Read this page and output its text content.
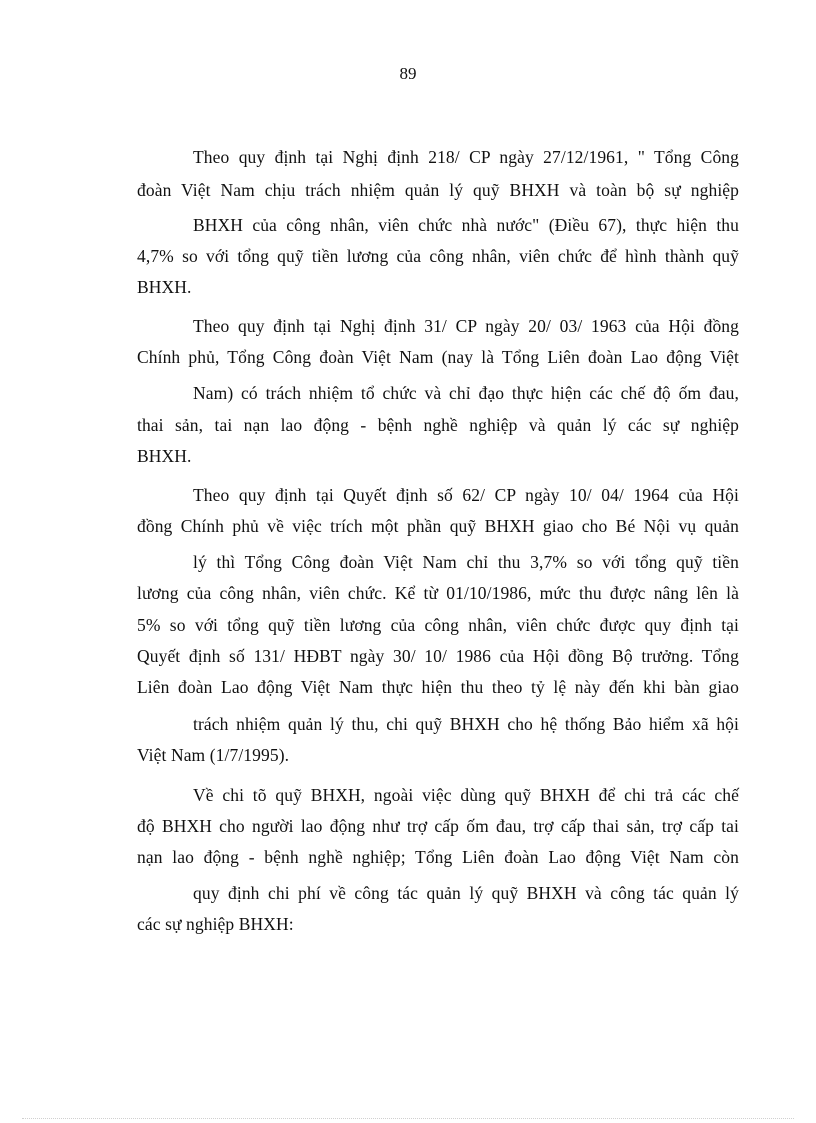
89
Theo quy định tại Nghị định 218/ CP ngày 27/12/1961, " Tổng Công
đoàn Việt Nam chịu trách nhiệm quản lý quỹ BHXH và toàn bộ sự nghiệp
BHXH của công nhân, viên chức nhà nước" (Điều 67), thực hiện thu
4,7% so với tổng quỹ tiền lương của công nhân, viên chức để hình thành quỹ
BHXH.
Theo quy định tại Nghị định 31/ CP ngày 20/ 03/ 1963 của Hội đồng
Chính phủ, Tổng Công đoàn Việt Nam (nay là Tổng Liên đoàn Lao động Việt
Nam) có trách nhiệm tổ chức và chỉ đạo thực hiện các chế độ ốm đau,
thai sản, tai nạn lao động - bệnh nghề nghiệp và quản lý các sự nghiệp
BHXH.
Theo quy định tại Quyết định số 62/ CP ngày 10/ 04/ 1964 của Hội
đồng Chính phủ về việc trích một phần quỹ BHXH giao cho Bé Nội vụ quản
lý thì Tổng Công đoàn Việt Nam chỉ thu 3,7% so với tổng quỹ tiền
lương của công nhân, viên chức. Kể từ 01/10/1986, mức thu được nâng lên là
5% so với tổng quỹ tiền lương của công nhân, viên chức được quy định tại
Quyết định số 131/ HĐBT ngày 30/ 10/ 1986 của Hội đồng Bộ trưởng. Tổng
Liên đoàn Lao động Việt Nam thực hiện thu theo tỷ lệ này đến khi bàn giao
trách nhiệm quản lý thu, chi quỹ BHXH cho hệ thống Bảo hiểm xã hội
Việt Nam (1/7/1995).
Về chi tõ quỹ BHXH, ngoài việc dùng quỹ BHXH để chi trả các chế
độ BHXH cho người lao động như trợ cấp ốm đau, trợ cấp thai sản, trợ cấp tai
nạn lao động - bệnh nghề nghiệp; Tổng Liên đoàn Lao động Việt Nam còn
quy định chi phí về công tác quản lý quỹ BHXH và công tác quản lý
các sự nghiệp BHXH:
